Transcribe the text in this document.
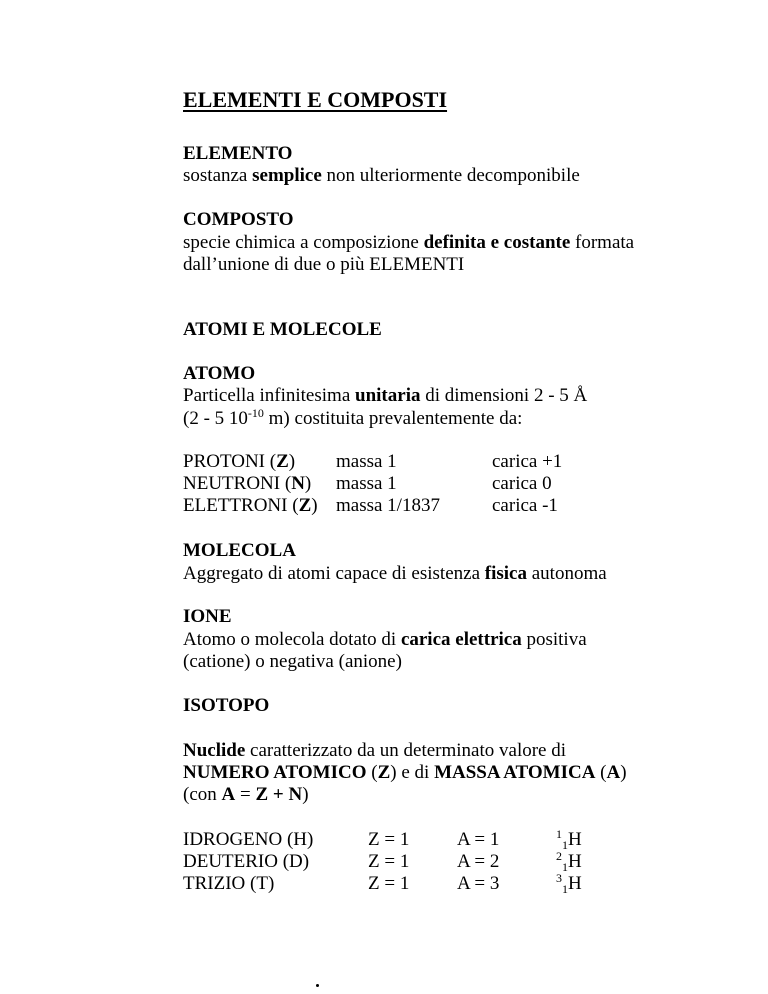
ELEMENTI E COMPOSTI
ELEMENTO
sostanza semplice non ulteriormente decomponibile
COMPOSTO
specie chimica a composizione definita e costante formata
dall’unione di due o più ELEMENTI
ATOMI E MOLECOLE
ATOMO
Particella infinitesima unitaria di dimensioni 2 - 5 Å
(2 - 5 $10^{-10}$ m) costituita prevalentemente da:
PROTONI (Z) massa 1	carica +1
NEUTRONI (N) massa 1	carica 0
ELETTRONI (Z) massa 1/1837	carica -1
MOLECOLA
Aggregato di atomi capace di esistenza fisica autonoma
IONE
Atomo o molecola dotato di carica elettrica positiva
(catione) o negativa (anione)
ISOTOPO
Nuclide caratterizzato da un determinato valore di
NUMERO ATOMICO (Z) e di MASSA ATOMICA (A)
(con A = Z + N)
IDROGENO (H)	Z = 1	A = 1	$^1_1$H
DEUTERIO (D)	Z = 1	A = 2	$^2_1$H
TRIZIO (T)	Z = 1	A = 3	$^3_1$H
